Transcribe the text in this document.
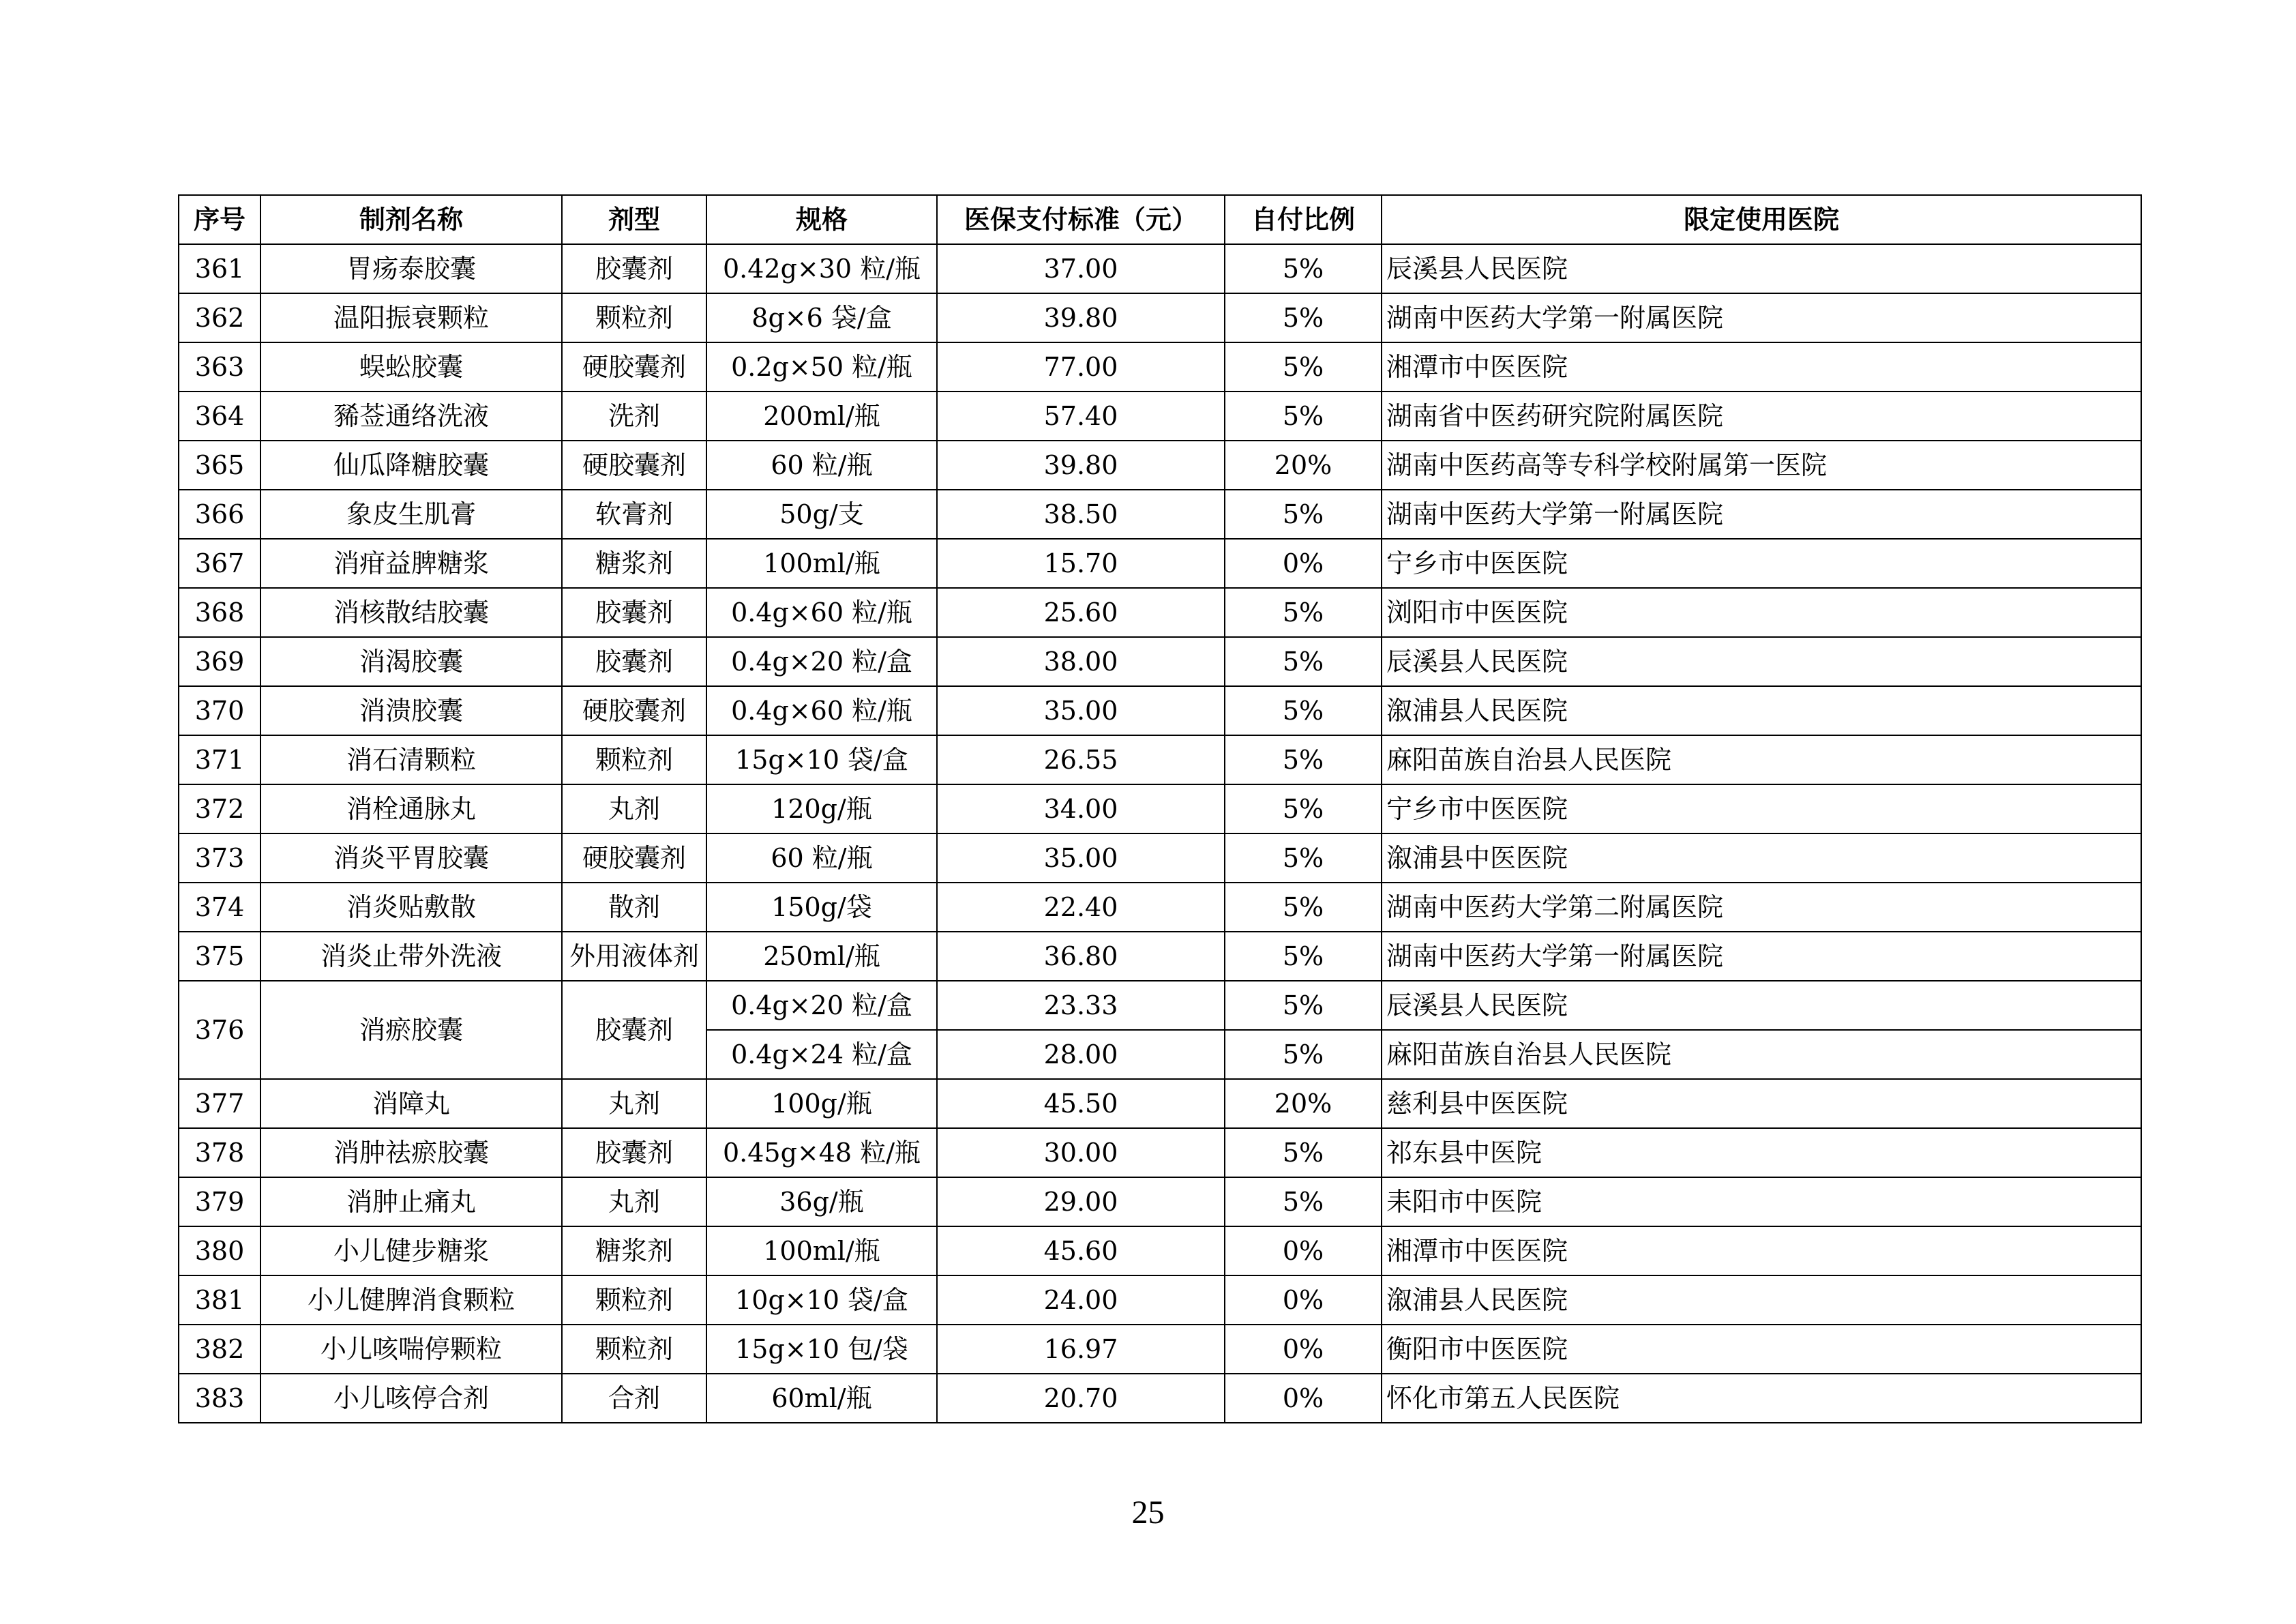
序号	制剂名称	剂型	规格	医保支付标准（元）	自付比例	限定使用医院
361	胃疡泰胶囊	胶囊剂	0.42g×30 粒/瓶	37.00	5%	辰溪县人民医院
362	温阳振衰颗粒	颗粒剂	8g×6 袋/盒	39.80	5%	湖南中医药大学第一附属医院
363	蜈蚣胶囊	硬胶囊剂	0.2g×50 粒/瓶	77.00	5%	湘潭市中医医院
364	豨莶通络洗液	洗剂	200ml/瓶	57.40	5%	湖南省中医药研究院附属医院
365	仙瓜降糖胶囊	硬胶囊剂	60 粒/瓶	39.80	20%	湖南中医药高等专科学校附属第一医院
366	象皮生肌膏	软膏剂	50g/支	38.50	5%	湖南中医药大学第一附属医院
367	消疳益脾糖浆	糖浆剂	100ml/瓶	15.70	0%	宁乡市中医医院
368	消核散结胶囊	胶囊剂	0.4g×60 粒/瓶	25.60	5%	浏阳市中医医院
369	消渴胶囊	胶囊剂	0.4g×20 粒/盒	38.00	5%	辰溪县人民医院
370	消溃胶囊	硬胶囊剂	0.4g×60 粒/瓶	35.00	5%	溆浦县人民医院
371	消石清颗粒	颗粒剂	15g×10 袋/盒	26.55	5%	麻阳苗族自治县人民医院
372	消栓通脉丸	丸剂	120g/瓶	34.00	5%	宁乡市中医医院
373	消炎平胃胶囊	硬胶囊剂	60 粒/瓶	35.00	5%	溆浦县中医医院
374	消炎贴敷散	散剂	150g/袋	22.40	5%	湖南中医药大学第二附属医院
375	消炎止带外洗液	外用液体剂	250ml/瓶	36.80	5%	湖南中医药大学第一附属医院
376	消瘀胶囊	胶囊剂	0.4g×20 粒/盒	23.33	5%	辰溪县人民医院
			0.4g×24 粒/盒	28.00	5%	麻阳苗族自治县人民医院
377	消障丸	丸剂	100g/瓶	45.50	20%	慈利县中医医院
378	消肿祛瘀胶囊	胶囊剂	0.45g×48 粒/瓶	30.00	5%	祁东县中医院
379	消肿止痛丸	丸剂	36g/瓶	29.00	5%	耒阳市中医院
380	小儿健步糖浆	糖浆剂	100ml/瓶	45.60	0%	湘潭市中医医院
381	小儿健脾消食颗粒	颗粒剂	10g×10 袋/盒	24.00	0%	溆浦县人民医院
382	小儿咳喘停颗粒	颗粒剂	15g×10 包/袋	16.97	0%	衡阳市中医医院
383	小儿咳停合剂	合剂	60ml/瓶	20.70	0%	怀化市第五人民医院
25
